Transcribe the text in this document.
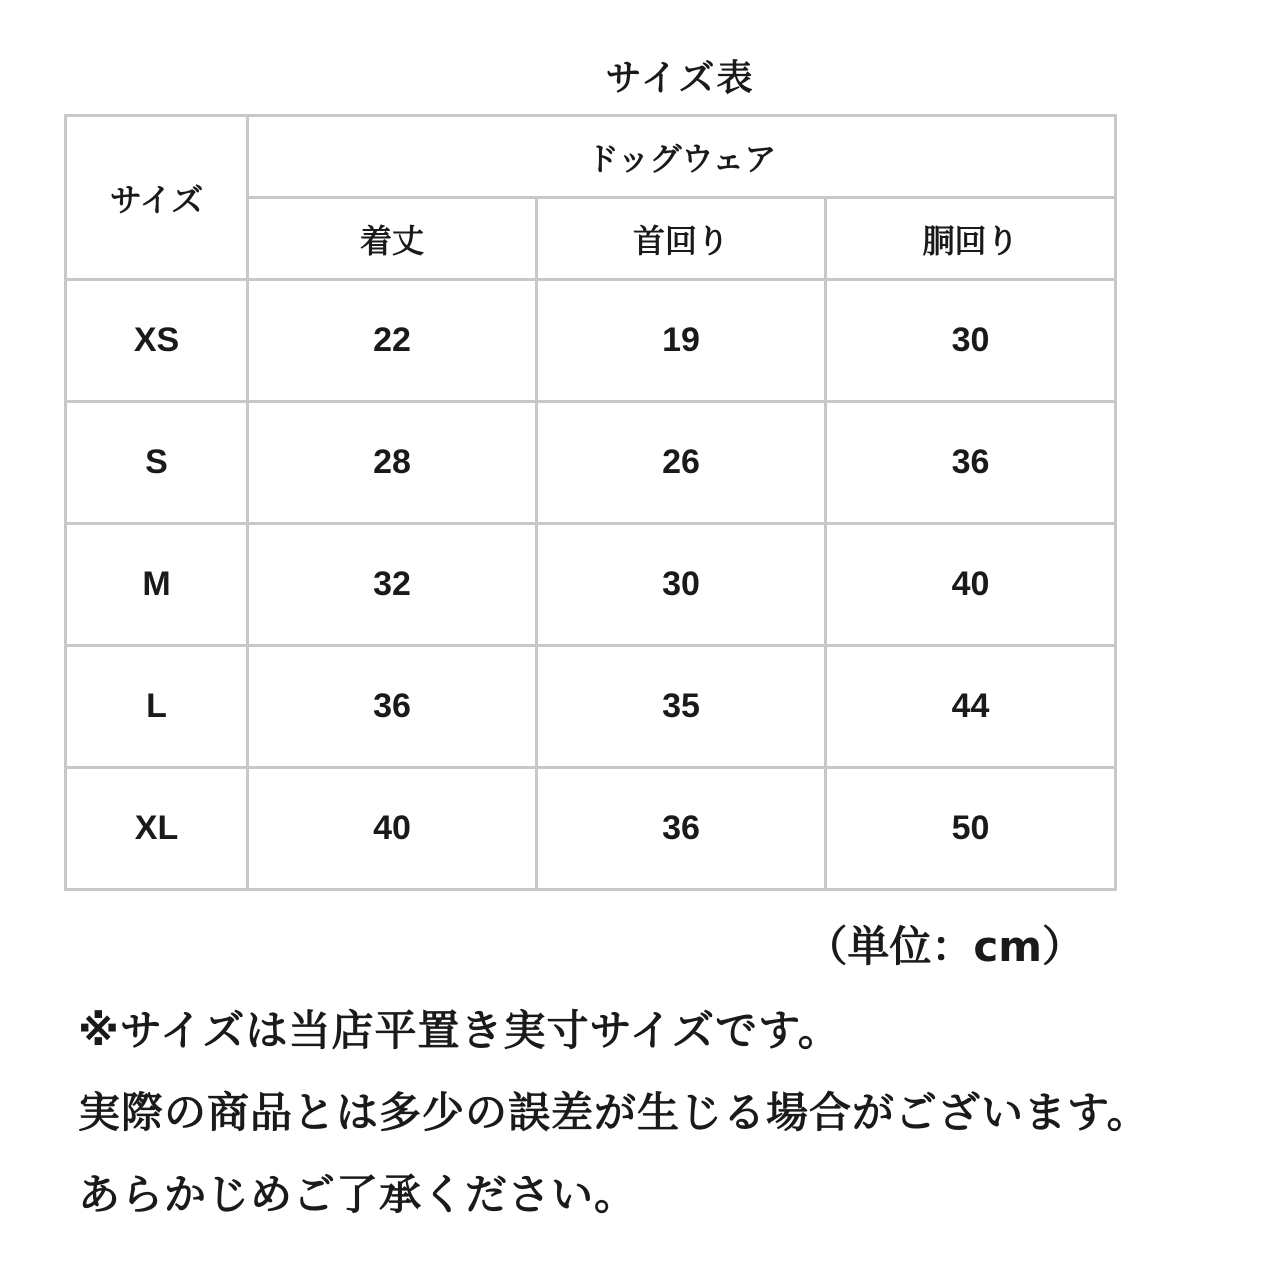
サイズ表
サイズ	ドッグウェア		
	着丈	首回り	胴回り
XS	22	19	30
S	28	26	36
M	32	30	40
L	36	35	44
XL	40	36	50
（単位：cm）
※サイズは当店平置き実寸サイズです。
実際の商品とは多少の誤差が生じる場合がございます。
あらかじめご了承ください。
